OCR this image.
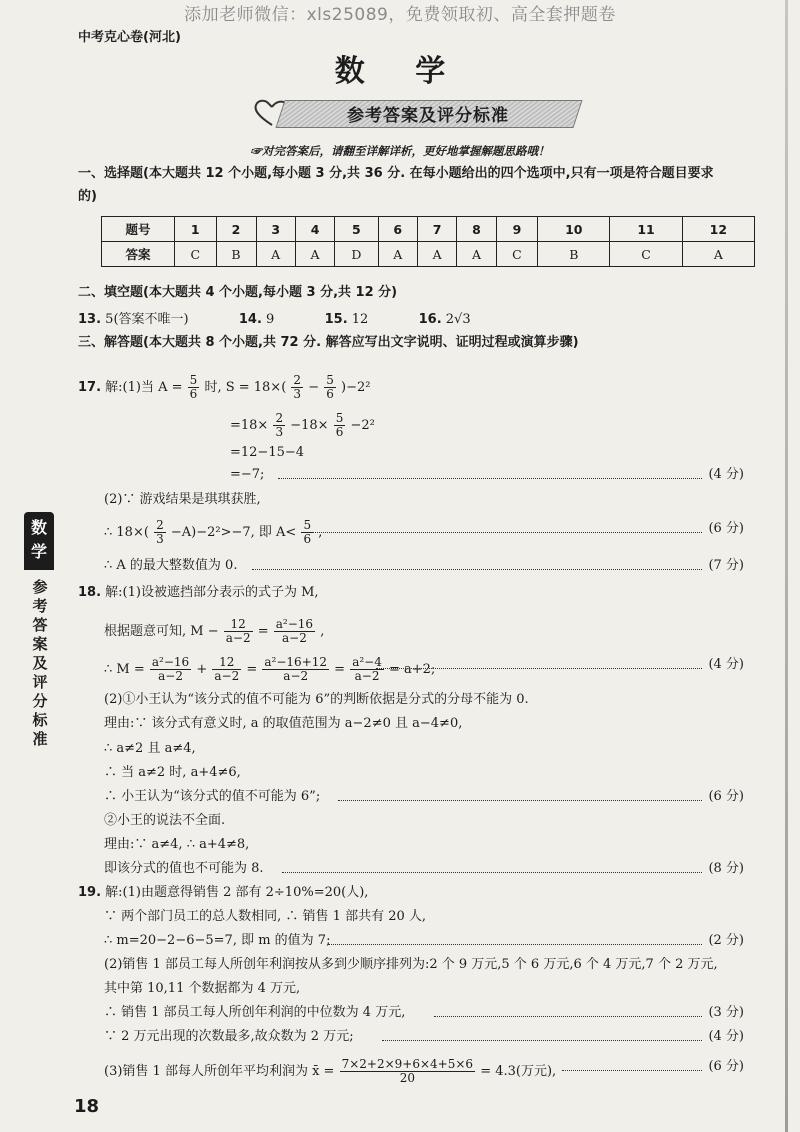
添加老师微信：xls25089，免费领取初、高全套押题卷
中考克心卷(河北)
数 学
参考答案及评分标准
☞对完答案后，请翻至详解详析，更好地掌握解题思路哦！
一、选择题(本大题共 12 个小题,每小题 3 分,共 36 分. 在每小题给出的四个选项中,只有一项是符合题目要求
的)
题号	1	2	3	4	5	6	7	8	9	10	11	12
答案	C	B	A	A	D	A	A	A	C	B	C	A
二、填空题(本大题共 4 个小题,每小题 3 分,共 12 分)
13. 5(答案不唯一)	14. 9	15. 12	16. 2√3
三、解答题(本大题共 8 个小题,共 72 分. 解答应写出文字说明、证明过程或演算步骤)
17. 解:(1)当 $A = \frac{5}{6}$ 时, $S = 18\times( \frac{2}{3} - \frac{5}{6} )-2^2$
$=18\times \frac{2}{3} -18\times \frac{5}{6} -2^2$
=12−15−4
=−7;	(4 分)
(2)∵ 游戏结果是琪琪获胜,
∴ $18\times( \frac{2}{3} -A)-2^2>-7$, 即 $A< \frac{5}{6}$ ,	(6 分)
∴ A 的最大整数值为 0.	(7 分)
18. 解:(1)设被遮挡部分表示的式子为 M,
根据题意可知, $M - \frac{12}{a-2} = \frac{\text{a²−16}}{a-2}$ ,
∴ $M = \frac{\text{a²−16}}{a-2} + \frac{12}{a-2} = \frac{\text{a²−16+12}}{a-2} = \frac{\text{a²−4}}{a-2} = a+2$;	(4 分)
(2)①小王认为“该分式的值不可能为 6”的判断依据是分式的分母不能为 0.
理由:∵ 该分式有意义时, a 的取值范围为 a−2≠0 且 a−4≠0,
∴ a≠2 且 a≠4,
∴ 当 a≠2 时, a+4≠6,
∴ 小王认为“该分式的值不可能为 6”;	(6 分)
②小王的说法不全面.
理由:∵ a≠4, ∴ a+4≠8,
即该分式的值也不可能为 8.	(8 分)
19. 解:(1)由题意得销售 2 部有 2÷10%=20(人),
∵ 两个部门员工的总人数相同, ∴ 销售 1 部共有 20 人,
∴ m=20−2−6−5=7, 即 m 的值为 7;	(2 分)
(2)销售 1 部员工每人所创年利润按从多到少顺序排列为:2 个 9 万元,5 个 6 万元,6 个 4 万元,7 个 2 万元,
其中第 10,11 个数据都为 4 万元,
∴ 销售 1 部员工每人所创年利润的中位数为 4 万元,	(3 分)
∵ 2 万元出现的次数最多,故众数为 2 万元;	(4 分)
(3)销售 1 部每人所创年平均利润为 x̄ = $\frac{7\times 2+2\times 9+6\times 4+5\times 6}{20} = 4.3$(万元),	(6 分)
数学
参考答案及评分标准
18
